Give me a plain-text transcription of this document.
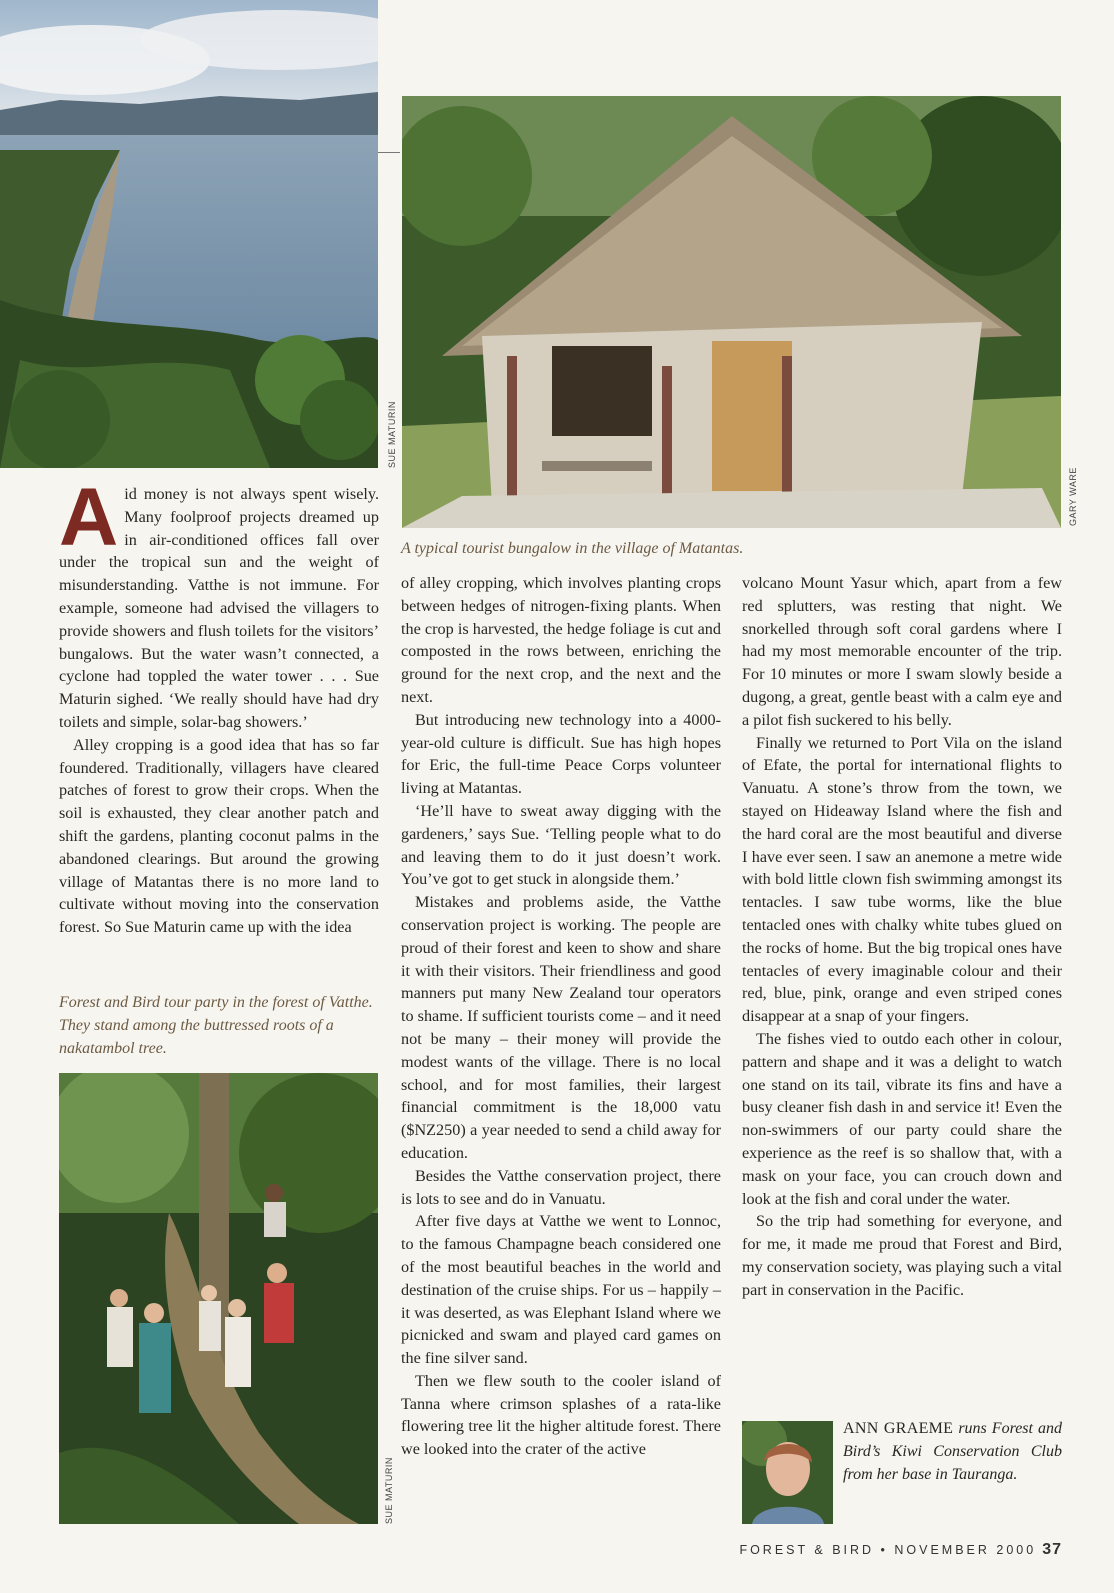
SUE MATURIN
GARY WARE
A typical tourist bungalow in the village of Matantas.

Aid money is not always spent wisely. Many foolproof projects dreamed up in air-conditioned offices fall over under the tropical sun and the weight of misunderstanding. Vatthe is not immune. For example, someone had advised the villagers to provide showers and flush toilets for the visitors’ bungalows. But the water wasn’t connected, a cyclone had toppled the water tower . . . Sue Maturin sighed. ‘We really should have had dry toilets and simple, solar-bag showers.’

Alley cropping is a good idea that has so far foundered. Traditionally, villagers have cleared patches of forest to grow their crops. When the soil is exhausted, they clear another patch and shift the gardens, planting coconut palms in the abandoned clearings. But around the growing village of Matantas there is no more land to cultivate without moving into the conservation forest. So Sue Maturin came up with the idea

Forest and Bird tour party in the forest of Vatthe. They stand among the buttressed roots of a nakatambol tree.
SUE MATURIN

of alley cropping, which involves planting crops between hedges of nitrogen-fixing plants. When the crop is harvested, the hedge foliage is cut and composted in the rows between, enriching the ground for the next crop, and the next and the next.

But introducing new technology into a 4000-year-old culture is difficult. Sue has high hopes for Eric, the full-time Peace Corps volunteer living at Matantas.

‘He’ll have to sweat away digging with the gardeners,’ says Sue. ‘Telling people what to do and leaving them to do it just doesn’t work. You’ve got to get stuck in alongside them.’

Mistakes and problems aside, the Vatthe conservation project is working. The people are proud of their forest and keen to show and share it with their visitors. Their friendliness and good manners put many New Zealand tour operators to shame. If sufficient tourists come – and it need not be many – their money will provide the modest wants of the village. There is no local school, and for most families, their largest financial commitment is the 18,000 vatu ($NZ250) a year needed to send a child away for education.

Besides the Vatthe conservation project, there is lots to see and do in Vanuatu.

After five days at Vatthe we went to Lonnoc, to the famous Champagne beach considered one of the most beautiful beaches in the world and destination of the cruise ships. For us – happily – it was deserted, as was Elephant Island where we picnicked and swam and played card games on the fine silver sand.

Then we flew south to the cooler island of Tanna where crimson splashes of a rata-like flowering tree lit the higher altitude forest. There we looked into the crater of the active

volcano Mount Yasur which, apart from a few red splutters, was resting that night. We snorkelled through soft coral gardens where I had my most memorable encounter of the trip. For 10 minutes or more I swam slowly beside a dugong, a great, gentle beast with a calm eye and a pilot fish suckered to his belly.

Finally we returned to Port Vila on the island of Efate, the portal for international flights to Vanuatu. A stone’s throw from the town, we stayed on Hideaway Island where the fish and the hard coral are the most beautiful and diverse I have ever seen. I saw an anemone a metre wide with bold little clown fish swimming amongst its tentacles. I saw tube worms, like the blue tentacled ones with chalky white tubes glued on the rocks of home. But the big tropical ones have tentacles of every imaginable colour and their red, blue, pink, orange and even striped cones disappear at a snap of your fingers.

The fishes vied to outdo each other in colour, pattern and shape and it was a delight to watch one stand on its tail, vibrate its fins and have a busy cleaner fish dash in and service it! Even the non-swimmers of our party could share the experience as the reef is so shallow that, with a mask on your face, you can crouch down and look at the fish and coral under the water.

So the trip had something for everyone, and for me, it made me proud that Forest and Bird, my conservation society, was playing such a vital part in conservation in the Pacific.

ANN GRAEME runs Forest and Bird’s Kiwi Conservation Club from her base in Tauranga.
FOREST & BIRD • NOVEMBER 2000 37
